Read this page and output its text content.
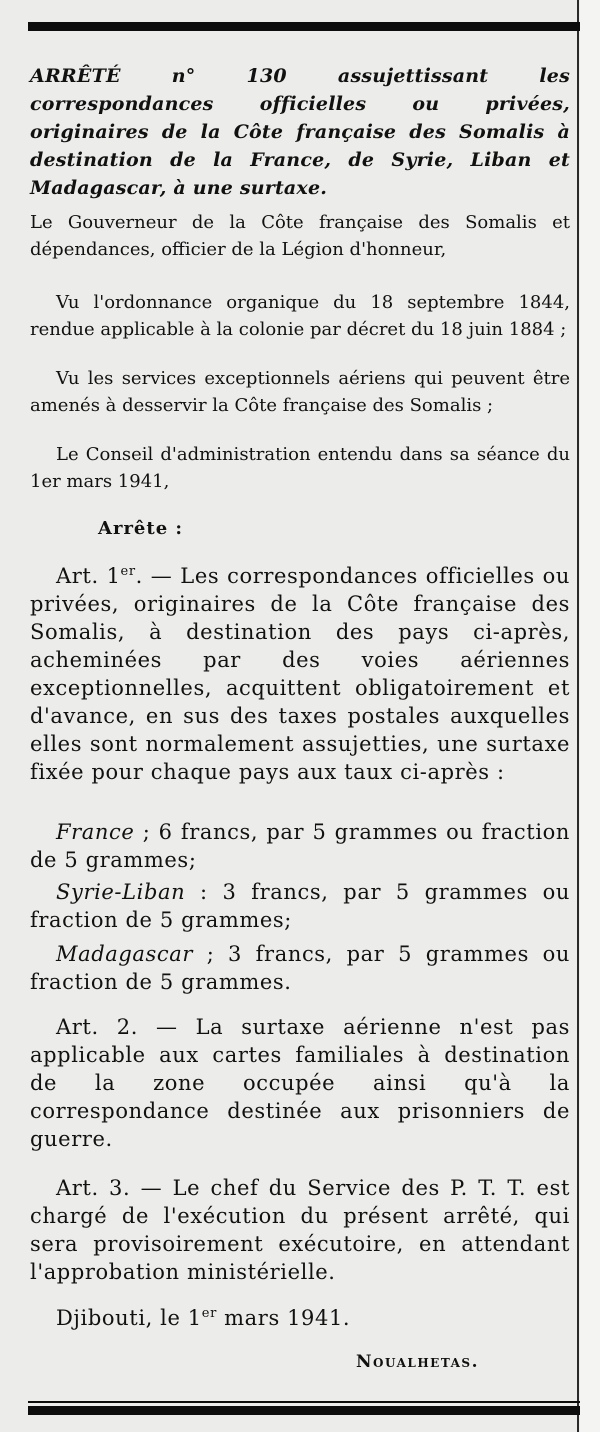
ARRÊTÉ n° 130 assujettissant les correspondances officielles ou privées, originaires de la Côte française des Somalis à destination de la France, de Syrie, Liban et Madagascar, à une surtaxe.

Le Gouverneur de la Côte française des Somalis et dépendances, officier de la Légion d'honneur,

Vu l'ordonnance organique du 18 septembre 1844, rendue applicable à la colonie par décret du 18 juin 1884 ;

Vu les services exceptionnels aériens qui peuvent être amenés à desservir la Côte française des Somalis ;

Le Conseil d'administration entendu dans sa séance du 1er mars 1941,

Arrête :

Art. 1er. — Les correspondances officielles ou privées, originaires de la Côte française des Somalis, à destination des pays ci-après, acheminées par des voies aériennes exceptionnelles, acquittent obligatoirement et d'avance, en sus des taxes postales auxquelles elles sont normalement assujetties, une surtaxe fixée pour chaque pays aux taux ci-après :

France ; 6 francs, par 5 grammes ou fraction de 5 grammes;

Syrie-Liban : 3 francs, par 5 grammes ou fraction de 5 grammes;

Madagascar ; 3 francs, par 5 grammes ou fraction de 5 grammes.

Art. 2. — La surtaxe aérienne n'est pas applicable aux cartes familiales à destination de la zone occupée ainsi qu'à la correspondance destinée aux prisonniers de guerre.

Art. 3. — Le chef du Service des P. T. T. est chargé de l'exécution du présent arrêté, qui sera provisoirement exécutoire, en attendant l'approbation ministérielle.

Djibouti, le 1er mars 1941.

Noualhetas.
